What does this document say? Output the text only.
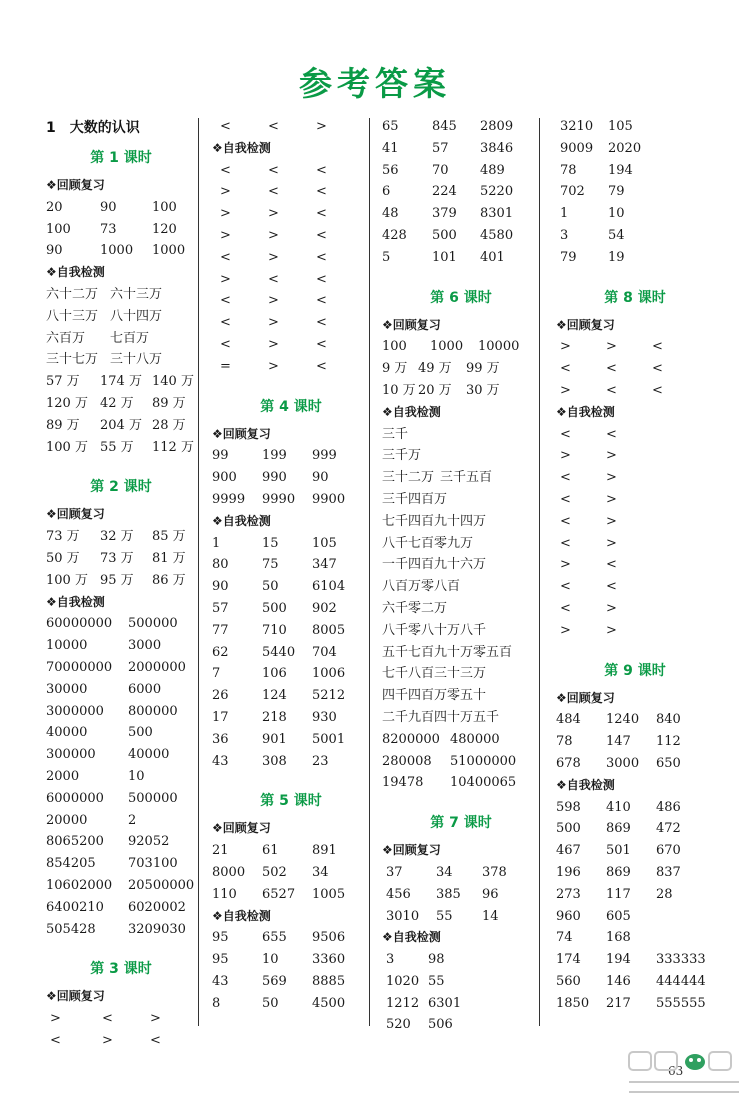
参考答案
1　大数的认识
第 1 课时
❖回顾复习
20	90	100
100 73	120
90	1000 1000
❖自我检测
六十二万 六十三万
八十三万 八十四万
六百万 七百万
三十七万 三十八万
57 万 174 万 140 万
120 万 42 万 89 万
89 万 204 万 28 万
100 万 55 万 112 万
第 2 课时
❖回顾复习
73 万 32 万 85 万
50 万 73 万 81 万
100 万 95 万 86 万
❖自我检测
60000000 500000
10000	3000
70000000 2000000
30000	6000
3000000 800000
40000	500
300000 40000
2000	10
6000000 500000
20000	2
8065200 92052
854205 703100
10602000 20500000
6400210 6020002
505428 3209030
第 3 课时
❖回顾复习
>	<	>
<	>	<
<	<	>
❖自我检测
<	<	<
>	<	<
>	>	<
>	>	<
<	>	<
>	<	<
<	>	<
<	>	<
<	>	<
=	>	<
第 4 课时
❖回顾复习
99	199 999
900 990 90
9999 9990 9900
❖自我检测
1	15	105
80	75	347
90	50	6104
57	500 902
77	710 8005
62	5440 704
7	106 1006
26	124 5212
17	218 930
36	901 5001
43	308 23
第 5 课时
❖回顾复习
21	61	891
8000 502 34
110 6527 1005
❖自我检测
95	655 9506
95	10	3360
43	569 8885
8	50	4500
65	845 2809
41	57 3846
56	70 489
6	224 5220
48	379 8301
428 500 4580
5	101 401
第 6 课时
❖回顾复习
100 1000 10000
9 万 49 万 99 万
10 万 20 万 30 万
❖自我检测
三千
三千万
三十二万 三千五百
三千四百万
七千四百九十四万
八千七百零九万
一千四百九十六万
八百万零八百
六千零二万
八千零八十万八千
五千七百九十万零五百
七千八百三十三万
四千四百万零五十
二千九百四十万五千
8200000 480000
280008 51000000
19478 10400065
第 7 课时
❖回顾复习
37	34 378
456 385 96
3010 55 14
❖自我检测
3	98
1020 55
1212 6301
520 506
3210 105
9009 2020
78 194
702 79
1	10
3	54
79 19
第 8 课时
❖回顾复习
>	>	<
<	<	<
>	<	<
❖自我检测
<	<
>	>
<	>
<	>
<	>
<	>
>	<
<	<
<	>
>	>
第 9 课时
❖回顾复习
484 1240 840
78	147 112
678 3000 650
❖自我检测
598 410 486
500 869 472
467 501 670
196 869 837
273 117 28
960 605
74	168
174 194 333333
560 146 444444
1850 217 555555
63
